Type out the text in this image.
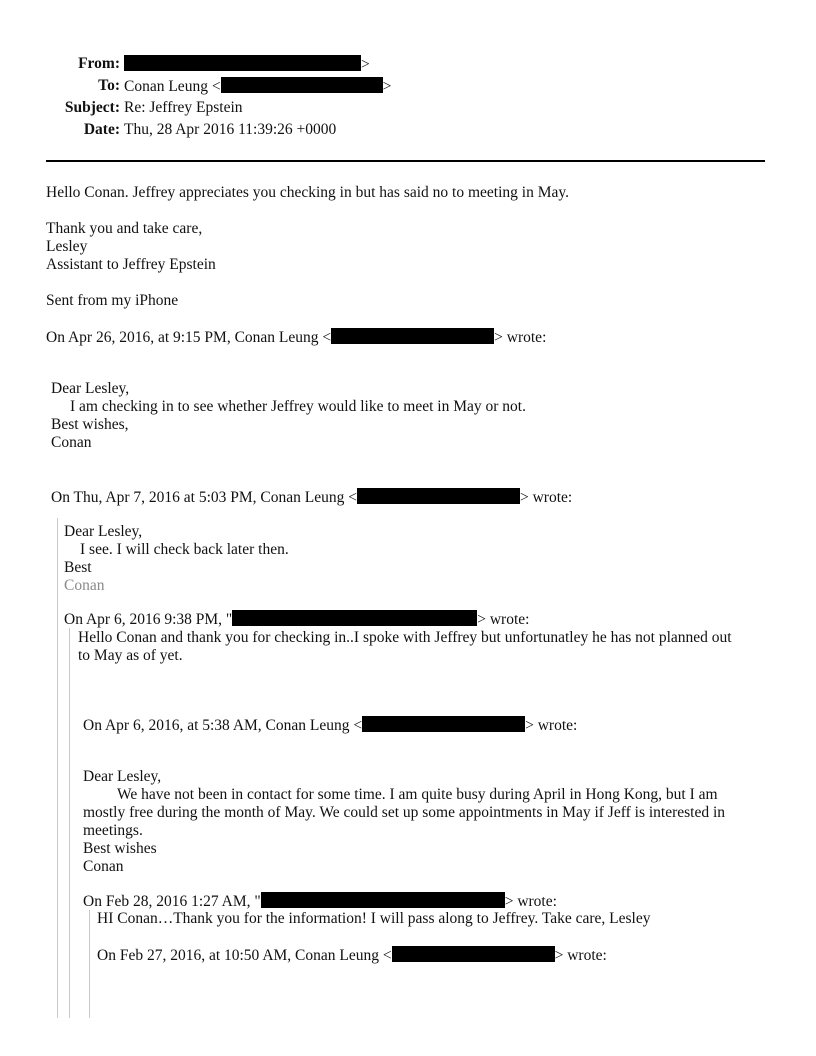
From:	>
To: Conan Leung <	>
Subject: Re: Jeffrey Epstein
Date: Thu, 28 Apr 2016 11:39:26 +0000
Hello Conan. Jeffrey appreciates you checking in but has said no to meeting in May.
Thank you and take care,
Lesley
Assistant to Jeffrey Epstein
Sent from my iPhone
On Apr 26, 2016, at 9:15 PM, Conan Leung <	> wrote:
Dear Lesley,
I am checking in to see whether Jeffrey would like to meet in May or not.
Best wishes,
Conan
On Thu, Apr 7, 2016 at 5:03 PM, Conan Leung <	> wrote:
Dear Lesley,
I see. I will check back later then.
Best
Conan
On Apr 6, 2016 9:38 PM, "	> wrote:
Hello Conan and thank you for checking in..I spoke with Jeffrey but unfortunatley he has not planned out
to May as of yet.
On Apr 6, 2016, at 5:38 AM, Conan Leung <	> wrote:
Dear Lesley,
We have not been in contact for some time. I am quite busy during April in Hong Kong, but I am
mostly free during the month of May. We could set up some appointments in May if Jeff is interested in
meetings.
Best wishes
Conan
On Feb 28, 2016 1:27 AM, "	> wrote:
HI Conan…Thank you for the information! I will pass along to Jeffrey. Take care, Lesley
On Feb 27, 2016, at 10:50 AM, Conan Leung <	> wrote:
